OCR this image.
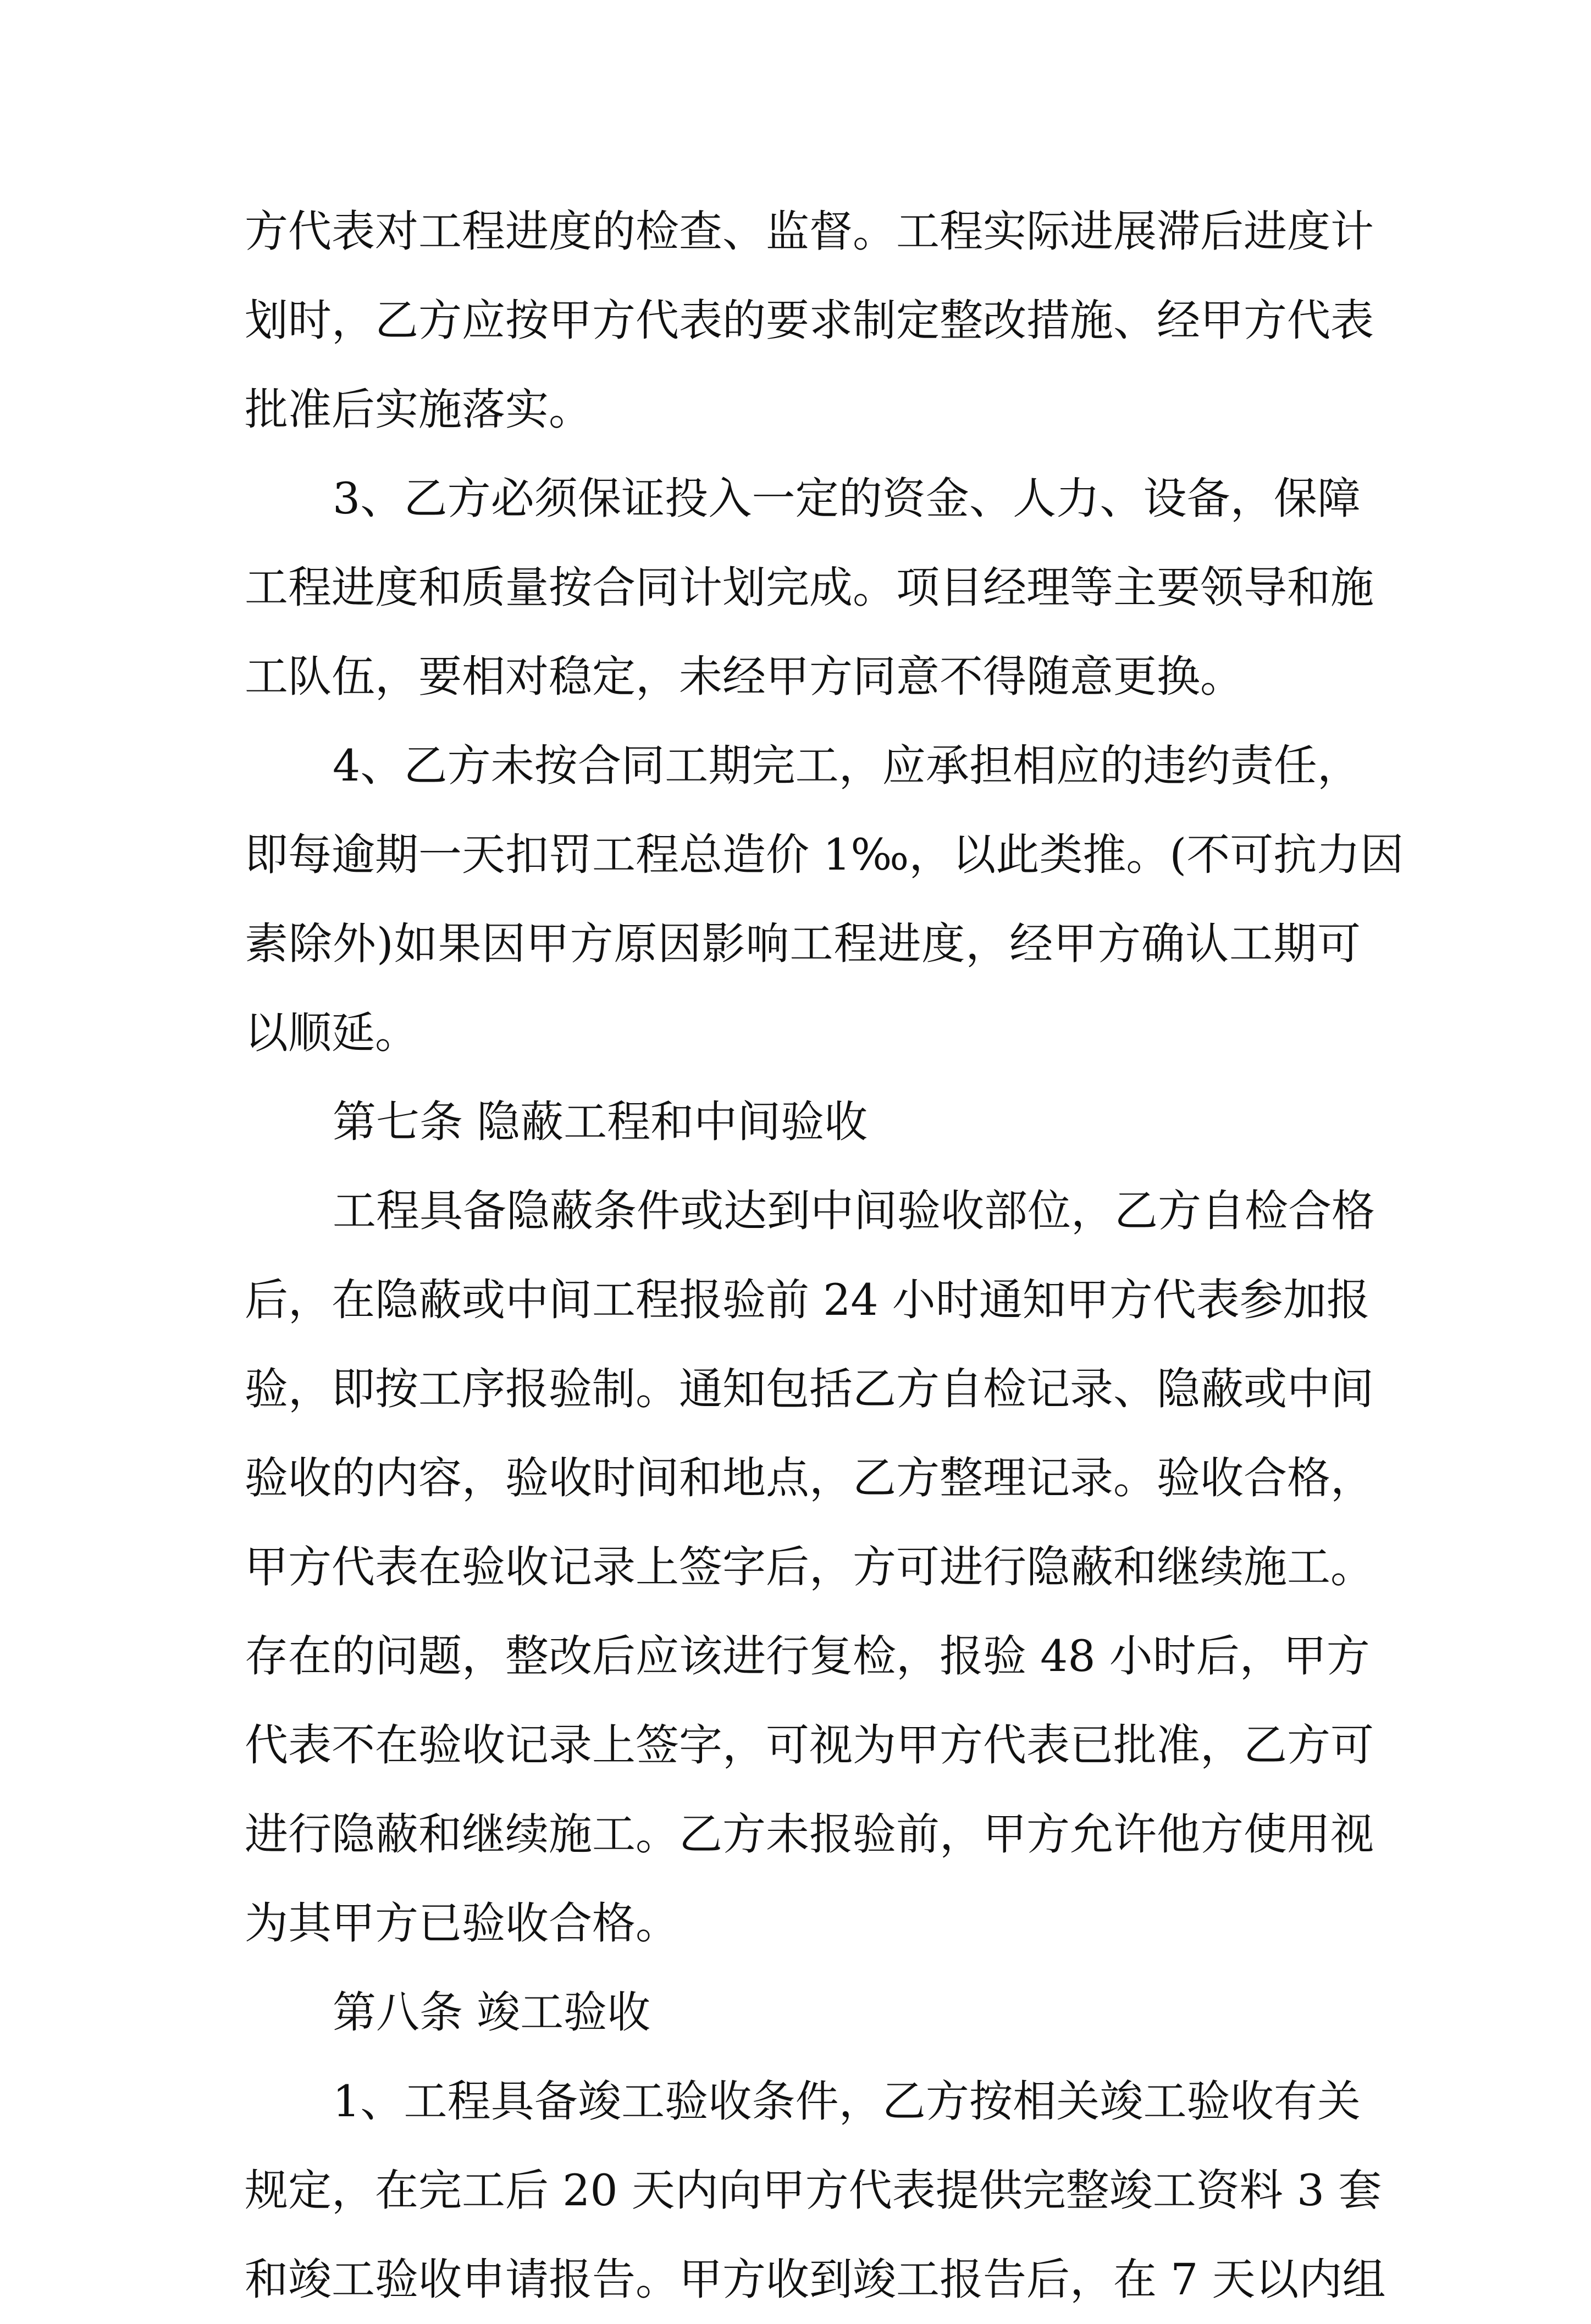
方代表对工程进度的检查、监督。工程实际进展滞后进度计
划时，乙方应按甲方代表的要求制定整改措施、经甲方代表
批准后实施落实。
3、乙方必须保证投入一定的资金、人力、设备，保障
工程进度和质量按合同计划完成。项目经理等主要领导和施
工队伍，要相对稳定，未经甲方同意不得随意更换。
4、乙方未按合同工期完工，应承担相应的违约责任，
即每逾期一天扣罚工程总造价 1‰，以此类推。(不可抗力因
素除外)如果因甲方原因影响工程进度，经甲方确认工期可
以顺延。
第七条 隐蔽工程和中间验收
工程具备隐蔽条件或达到中间验收部位，乙方自检合格
后，在隐蔽或中间工程报验前 24 小时通知甲方代表参加报
验，即按工序报验制。通知包括乙方自检记录、隐蔽或中间
验收的内容，验收时间和地点，乙方整理记录。验收合格，
甲方代表在验收记录上签字后，方可进行隐蔽和继续施工。
存在的问题，整改后应该进行复检，报验 48 小时后，甲方
代表不在验收记录上签字，可视为甲方代表已批准，乙方可
进行隐蔽和继续施工。乙方未报验前，甲方允许他方使用视
为其甲方已验收合格。
第八条 竣工验收
1、工程具备竣工验收条件，乙方按相关竣工验收有关
规定，在完工后 20 天内向甲方代表提供完整竣工资料 3 套
和竣工验收申请报告。甲方收到竣工报告后，在 7 天以内组
